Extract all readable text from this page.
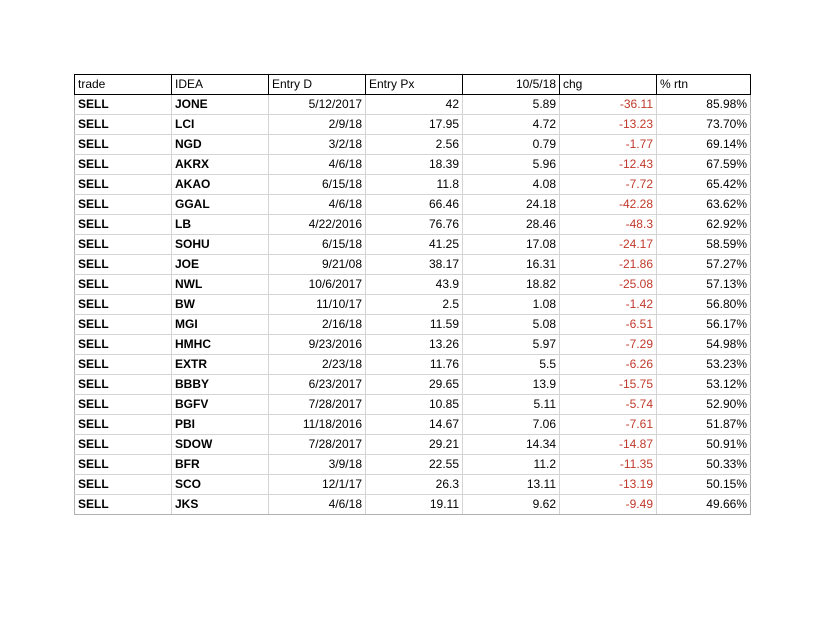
trade	IDEA	Entry D	Entry Px	10/5/18	chg	% rtn
SELL	JONE	5/12/2017	42	5.89	-36.11	85.98%
SELL	LCI	2/9/18	17.95	4.72	-13.23	73.70%
SELL	NGD	3/2/18	2.56	0.79	-1.77	69.14%
SELL	AKRX	4/6/18	18.39	5.96	-12.43	67.59%
SELL	AKAO	6/15/18	11.8	4.08	-7.72	65.42%
SELL	GGAL	4/6/18	66.46	24.18	-42.28	63.62%
SELL	LB	4/22/2016	76.76	28.46	-48.3	62.92%
SELL	SOHU	6/15/18	41.25	17.08	-24.17	58.59%
SELL	JOE	9/21/08	38.17	16.31	-21.86	57.27%
SELL	NWL	10/6/2017	43.9	18.82	-25.08	57.13%
SELL	BW	11/10/17	2.5	1.08	-1.42	56.80%
SELL	MGI	2/16/18	11.59	5.08	-6.51	56.17%
SELL	HMHC	9/23/2016	13.26	5.97	-7.29	54.98%
SELL	EXTR	2/23/18	11.76	5.5	-6.26	53.23%
SELL	BBBY	6/23/2017	29.65	13.9	-15.75	53.12%
SELL	BGFV	7/28/2017	10.85	5.11	-5.74	52.90%
SELL	PBI	11/18/2016	14.67	7.06	-7.61	51.87%
SELL	SDOW	7/28/2017	29.21	14.34	-14.87	50.91%
SELL	BFR	3/9/18	22.55	11.2	-11.35	50.33%
SELL	SCO	12/1/17	26.3	13.11	-13.19	50.15%
SELL	JKS	4/6/18	19.11	9.62	-9.49	49.66%
